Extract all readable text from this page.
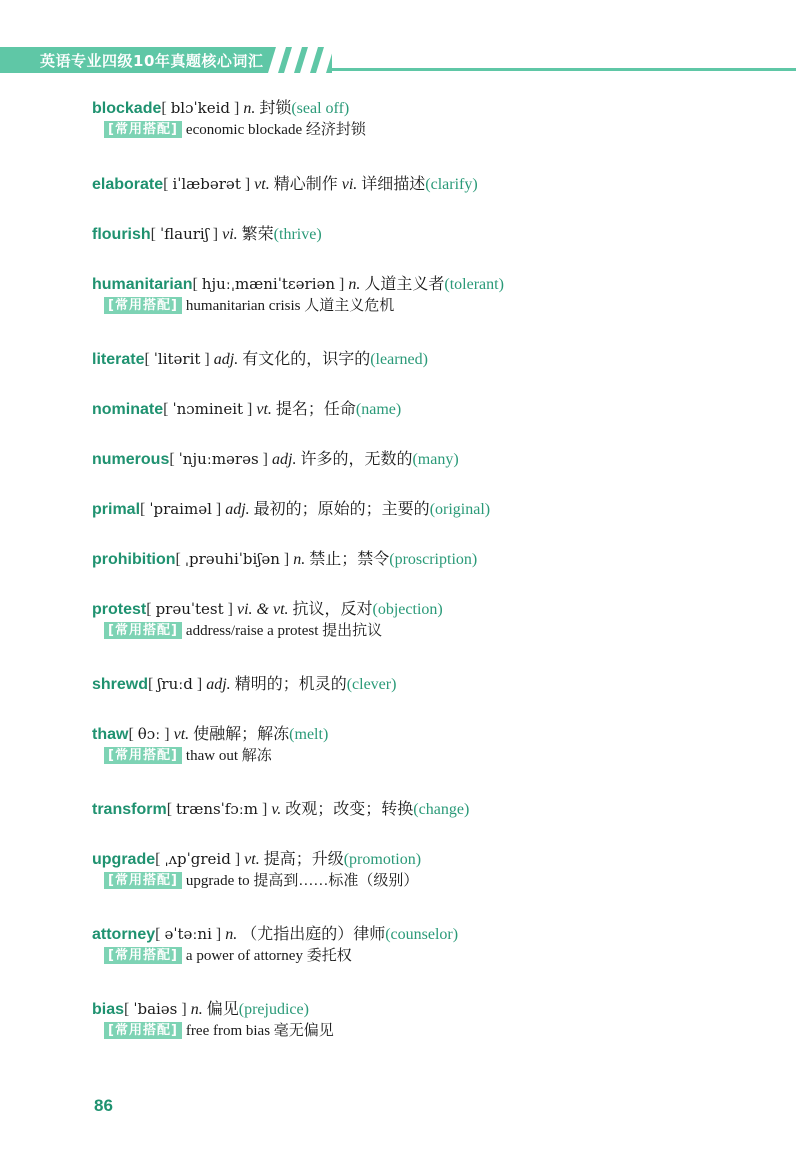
英语专业四级10年真题核心词汇
blockade[ blɔˈkeid ] n. 封锁(seal off)
[常用搭配] economic blockade 经济封锁
elaborate[ iˈlæbərət ] vt. 精心制作 vi. 详细描述(clarify)
flourish[ ˈflauriʃ ] vi. 繁荣(thrive)
humanitarian[ hjuːˌmæniˈtɛəriən ] n. 人道主义者(tolerant)
[常用搭配] humanitarian crisis 人道主义危机
literate[ ˈlitərit ] adj. 有文化的，识字的(learned)
nominate[ ˈnɔmineit ] vt. 提名；任命(name)
numerous[ ˈnjuːmərəs ] adj. 许多的，无数的(many)
primal[ ˈpraiməl ] adj. 最初的；原始的；主要的(original)
prohibition[ ˌprəuhiˈbiʃən ] n. 禁止；禁令(proscription)
protest[ prəuˈtest ] vi. & vt. 抗议，反对(objection)
[常用搭配] address/raise a protest 提出抗议
shrewd[ ʃruːd ] adj. 精明的；机灵的(clever)
thaw[ θɔː ] vt. 使融解；解冻(melt)
[常用搭配] thaw out 解冻
transform[ trænsˈfɔːm ] v. 改观；改变；转换(change)
upgrade[ ˌʌpˈgreid ] vt. 提高；升级(promotion)
[常用搭配] upgrade to 提高到……标准（级别）
attorney[ əˈtəːni ] n. （尤指出庭的）律师(counselor)
[常用搭配] a power of attorney 委托权
bias[ ˈbaiəs ] n. 偏见(prejudice)
[常用搭配] free from bias 毫无偏见
86
